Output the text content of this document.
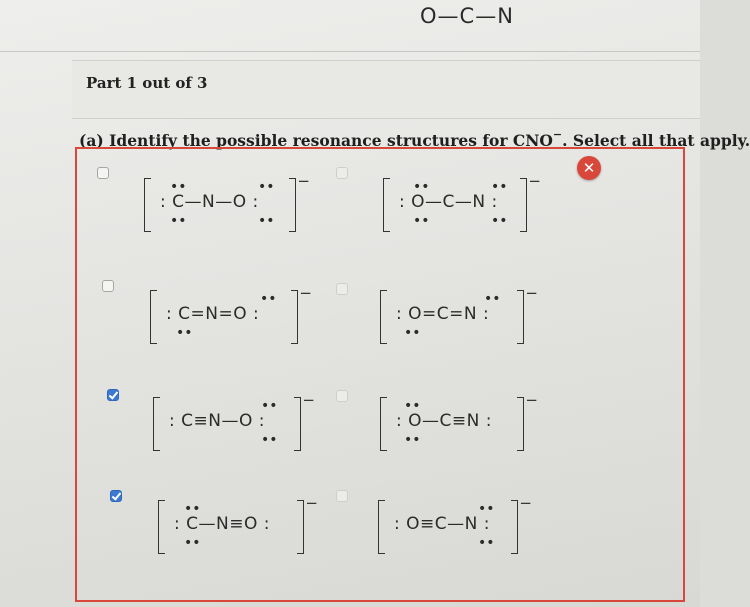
O—C—N
Part 1 out of 3
(a) Identify the possible resonance structures for CNO−. Select all that apply.
✕
−
: C—N—O :
••
••
••
••
−
: O—C—N :
••
••
••
••
−
: C=N=O :
••
••	−
: O=C=N :
••
••
−
: C≡N—O :
••
••
−
: O—C≡N :
••
••
−
: C—N≡O :
••
••
−
: O≡C—N :
••
••
